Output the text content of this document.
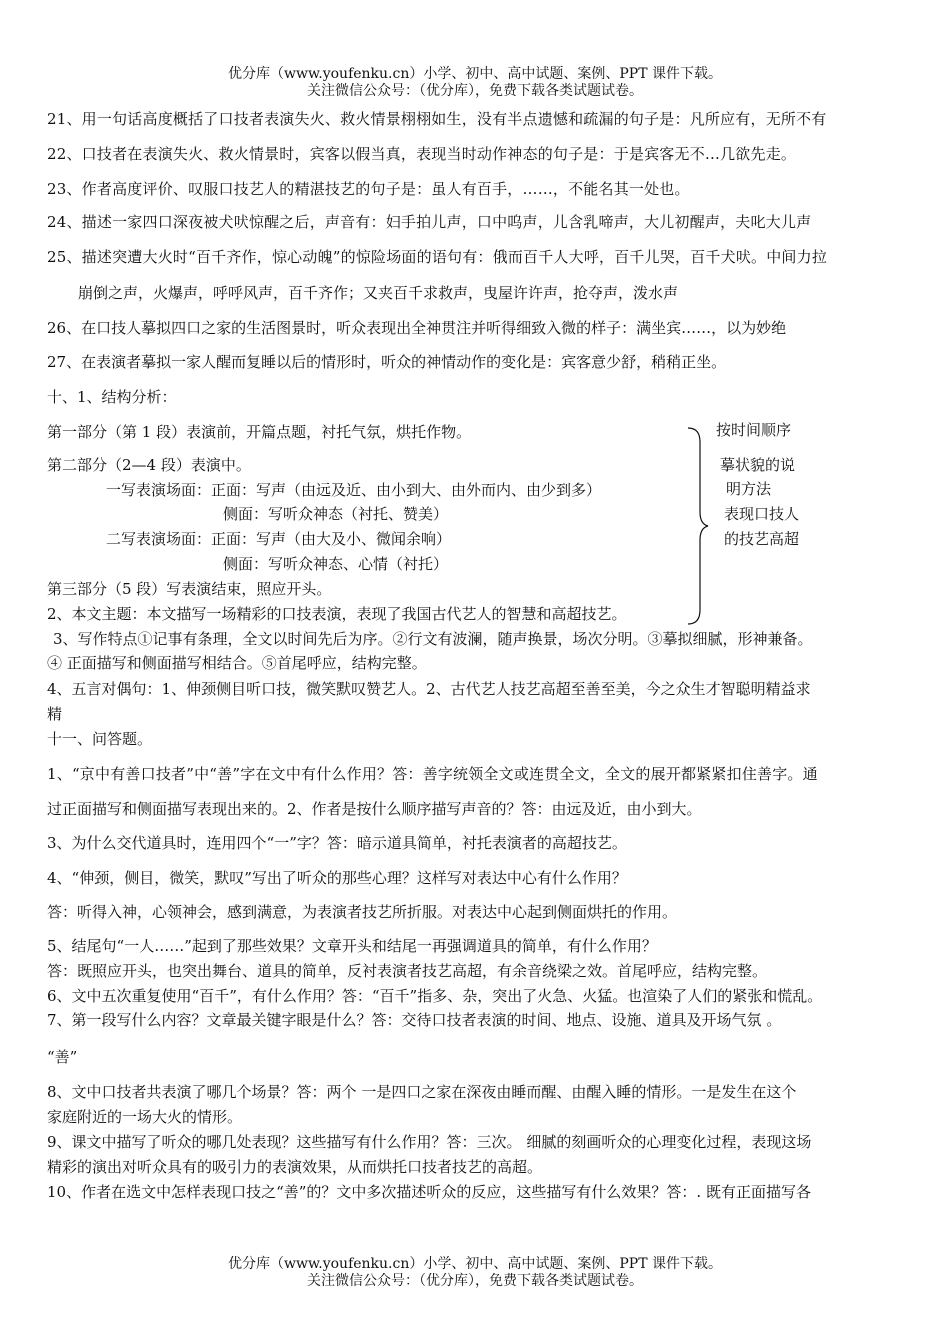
优分库（www.youfenku.cn）小学、初中、高中试题、案例、PPT 课件下载。
关注微信公众号：（优分库），免费下载各类试题试卷。
21、用一句话高度概括了口技者表演失火、救火情景栩栩如生，没有半点遗憾和疏漏的句子是：凡所应有，无所不有
22、口技者在表演失火、救火情景时，宾客以假当真，表现当时动作神态的句子是：于是宾客无不…几欲先走。
23、作者高度评价、叹服口技艺人的精湛技艺的句子是：虽人有百手，……，不能名其一处也。
24、描述一家四口深夜被犬吠惊醒之后，声音有：妇手拍儿声，口中呜声，儿含乳啼声，大儿初醒声，夫叱大儿声
25、描述突遭大火时“百千齐作，惊心动魄”的惊险场面的语句有：俄而百千人大呼，百千儿哭，百千犬吠。中间力拉
崩倒之声，火爆声，呼呼风声，百千齐作；又夹百千求救声，曳屋许许声，抢夺声，泼水声
26、在口技人摹拟四口之家的生活图景时，听众表现出全神贯注并听得细致入微的样子：满坐宾……，以为妙绝
27、在表演者摹拟一家人醒而复睡以后的情形时，听众的神情动作的变化是：宾客意少舒，稍稍正坐。
十、1、结构分析：
第一部分（第 1 段）表演前，开篇点题，衬托气氛，烘托作物。
第二部分（2—4 段）表演中。
一写表演场面：正面：写声（由远及近、由小到大、由外而内、由少到多）
侧面：写听众神态（衬托、赞美）
二写表演场面：正面：写声（由大及小、微闻余响）
侧面：写听众神态、心情（衬托）
第三部分（5 段）写表演结束，照应开头。
2、本文主题：本文描写一场精彩的口技表演，表现了我国古代艺人的智慧和高超技艺。
3、写作特点①记事有条理，全文以时间先后为序。②行文有波澜，随声换景，场次分明。③摹拟细腻，形神兼备。
④ 正面描写和侧面描写相结合。⑤首尾呼应，结构完整。
4、五言对偶句：1、伸颈侧目听口技，微笑默叹赞艺人。2、古代艺人技艺高超至善至美，今之众生才智聪明精益求
精
十一、问答题。
1、“京中有善口技者”中“善”字在文中有什么作用？答：善字统领全文或连贯全文，全文的展开都紧紧扣住善字。通
过正面描写和侧面描写表现出来的。2、作者是按什么顺序描写声音的？答：由远及近，由小到大。
3、为什么交代道具时，连用四个“一”字？答：暗示道具简单，衬托表演者的高超技艺。
4、“伸颈，侧目，微笑，默叹”写出了听众的那些心理？这样写对表达中心有什么作用？
答：听得入神，心领神会，感到满意，为表演者技艺所折服。对表达中心起到侧面烘托的作用。
5、结尾句“一人……”起到了那些效果？文章开头和结尾一再强调道具的简单，有什么作用？
答：既照应开头，也突出舞台、道具的简单，反衬表演者技艺高超，有余音绕梁之效。首尾呼应，结构完整。
6、文中五次重复使用“百千”，有什么作用？答：“百千”指多、杂，突出了火急、火猛。也渲染了人们的紧张和慌乱。
7、第一段写什么内容？文章最关键字眼是什么？答：交待口技者表演的时间、地点、设施、道具及开场气氛 。
“善”
8、文中口技者共表演了哪几个场景？答：两个 一是四口之家在深夜由睡而醒、由醒入睡的情形。一是发生在这个
家庭附近的一场大火的情形。
9、课文中描写了听众的哪几处表现？这些描写有什么作用？答：三次。 细腻的刻画听众的心理变化过程，表现这场
精彩的演出对听众具有的吸引力的表演效果，从而烘托口技者技艺的高超。
10、作者在选文中怎样表现口技之“善”的？文中多次描述听众的反应，这些描写有什么效果？答：. 既有正面描写各
按时间顺序
摹状貌的说
明方法
表现口技人
的技艺高超
优分库（www.youfenku.cn）小学、初中、高中试题、案例、PPT 课件下载。
关注微信公众号：（优分库），免费下载各类试题试卷。
